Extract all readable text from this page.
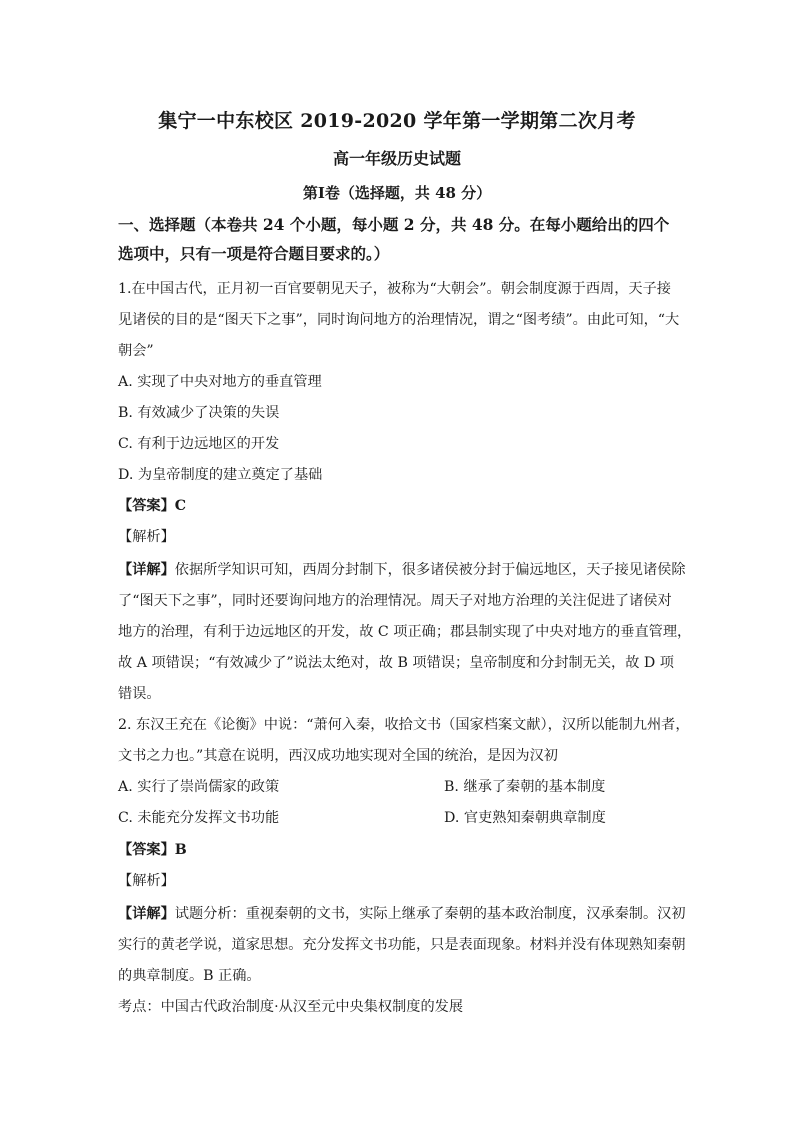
集宁一中东校区 2019-2020 学年第一学期第二次月考
高一年级历史试题
第Ⅰ卷（选择题，共 48 分）
一、选择题（本卷共 24 个小题，每小题 2 分，共 48 分。在每小题给出的四个
选项中，只有一项是符合题目要求的。）
1.在中国古代，正月初一百官要朝见天子，被称为“大朝会”。朝会制度源于西周，天子接
见诸侯的目的是“图天下之事”，同时询问地方的治理情况，谓之“图考绩”。由此可知，“大
朝会”
A. 实现了中央对地方的垂直管理
B. 有效减少了决策的失误
C. 有利于边远地区的开发
D. 为皇帝制度的建立奠定了基础
【答案】C
【解析】
【详解】依据所学知识可知，西周分封制下，很多诸侯被分封于偏远地区，天子接见诸侯除
了“图天下之事”，同时还要询问地方的治理情况。周天子对地方治理的关注促进了诸侯对
地方的治理，有利于边远地区的开发，故 C 项正确；郡县制实现了中央对地方的垂直管理，
故 A 项错误；“有效减少了”说法太绝对，故 B 项错误；皇帝制度和分封制无关，故 D 项
错误。
2. 东汉王充在《论衡》中说：“萧何入秦，收拾文书（国家档案文献），汉所以能制九州者，
文书之力也。”其意在说明，西汉成功地实现对全国的统治，是因为汉初
A. 实行了崇尚儒家的政策	B. 继承了秦朝的基本制度
C. 未能充分发挥文书功能	D. 官吏熟知秦朝典章制度
【答案】B
【解析】
【详解】试题分析：重视秦朝的文书，实际上继承了秦朝的基本政治制度，汉承秦制。汉初
实行的黄老学说，道家思想。充分发挥文书功能，只是表面现象。材料并没有体现熟知秦朝
的典章制度。B 正确。
考点：中国古代政治制度·从汉至元中央集权制度的发展
